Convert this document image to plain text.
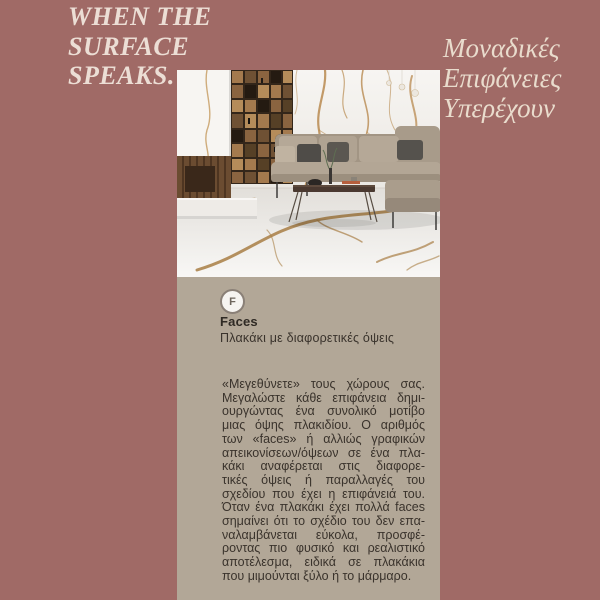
WHEN THE
SURFACE
SPEAKS.
Μοναδικές
Επιφάνειες
Υπερέχουν
F
Faces
Πλακάκι με διαφορετικές όψεις
«Μεγεθύνετε» τους χώρους σας.
Μεγαλώστε κάθε επιφάνεια δημι-
ουργώντας ένα συνολικό μοτίβο
μιας όψης πλακιδίου. Ο αριθμός
των «faces» ή αλλιώς γραφικών
απεικονίσεων/όψεων σε ένα πλα-
κάκι αναφέρεται στις διαφορε-
τικές όψεις ή παραλλαγές του
σχεδίου που έχει η επιφάνειά του.
Όταν ένα πλακάκι έχει πολλά faces
σημαίνει ότι το σχέδιο του δεν επα-
ναλαμβάνεται εύκολα, προσφέ-
ροντας πιο φυσικό και ρεαλιστικό
αποτέλεσμα, ειδικά σε πλακάκια
που μιμούνται ξύλο ή το μάρμαρο.
